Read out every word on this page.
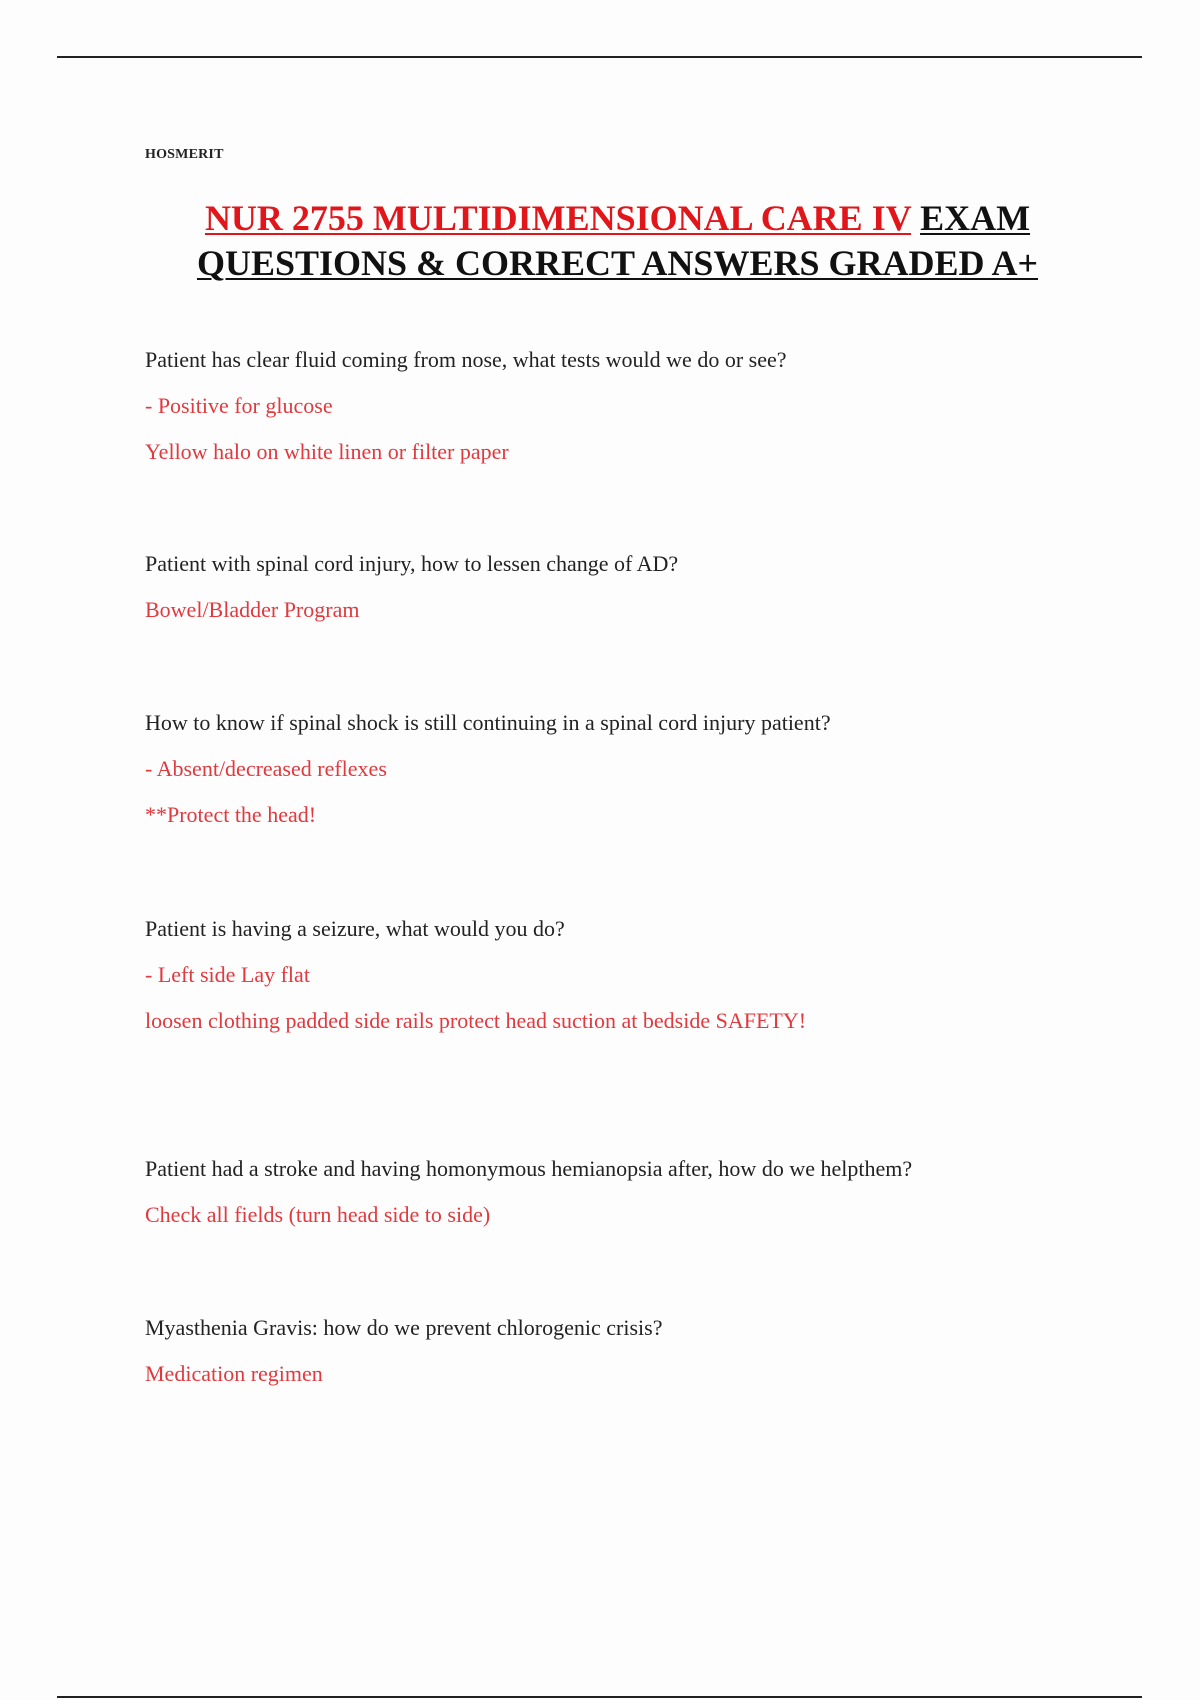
HOSMERIT
NUR 2755 MULTIDIMENSIONAL CARE IV EXAM
QUESTIONS & CORRECT ANSWERS GRADED A+
Patient has clear fluid coming from nose, what tests would we do or see?
- Positive for glucose
Yellow halo on white linen or filter paper
Patient with spinal cord injury, how to lessen change of AD?
Bowel/Bladder Program
How to know if spinal shock is still continuing in a spinal cord injury patient?
- Absent/decreased reflexes
**Protect the head!
Patient is having a seizure, what would you do?
- Left side Lay flat
loosen clothing padded side rails protect head suction at bedside SAFETY!
Patient had a stroke and having homonymous hemianopsia after, how do we helpthem?
Check all fields (turn head side to side)
Myasthenia Gravis: how do we prevent chlorogenic crisis?
Medication regimen
